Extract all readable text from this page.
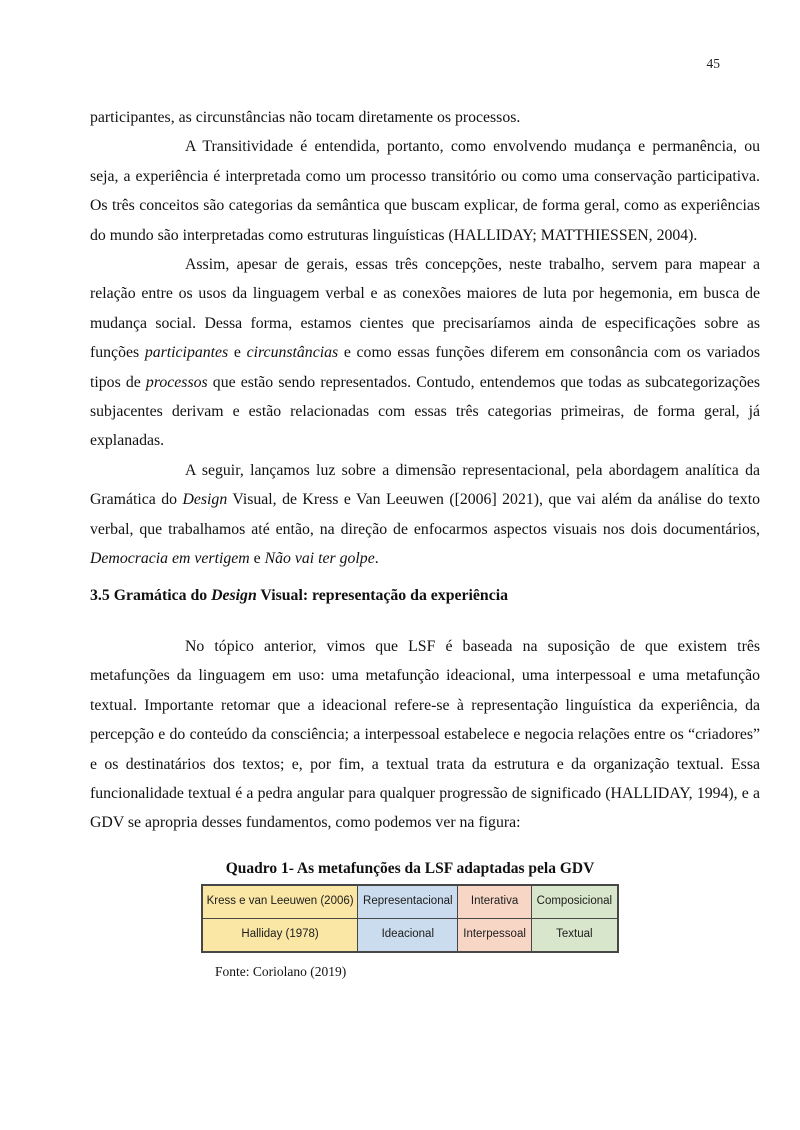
45

participantes, as circunstâncias não tocam diretamente os processos.

A Transitividade é entendida, portanto, como envolvendo mudança e permanência, ou seja, a experiência é interpretada como um processo transitório ou como uma conservação participativa. Os três conceitos são categorias da semântica que buscam explicar, de forma geral, como as experiências do mundo são interpretadas como estruturas linguísticas (HALLIDAY; MATTHIESSEN, 2004).

Assim, apesar de gerais, essas três concepções, neste trabalho, servem para mapear a relação entre os usos da linguagem verbal e as conexões maiores de luta por hegemonia, em busca de mudança social. Dessa forma, estamos cientes que precisaríamos ainda de especificações sobre as funções participantes e circunstâncias e como essas funções diferem em consonância com os variados tipos de processos que estão sendo representados. Contudo, entendemos que todas as subcategorizações subjacentes derivam e estão relacionadas com essas três categorias primeiras, de forma geral, já explanadas.

A seguir, lançamos luz sobre a dimensão representacional, pela abordagem analítica da Gramática do Design Visual, de Kress e Van Leeuwen ([2006] 2021), que vai além da análise do texto verbal, que trabalhamos até então, na direção de enfocarmos aspectos visuais nos dois documentários, Democracia em vertigem e Não vai ter golpe.

3.5 Gramática do Design Visual: representação da experiência

No tópico anterior, vimos que LSF é baseada na suposição de que existem três metafunções da linguagem em uso: uma metafunção ideacional, uma interpessoal e uma metafunção textual. Importante retomar que a ideacional refere-se à representação linguística da experiência, da percepção e do conteúdo da consciência; a interpessoal estabelece e negocia relações entre os “criadores” e os destinatários dos textos; e, por fim, a textual trata da estrutura e da organização textual. Essa funcionalidade textual é a pedra angular para qualquer progressão de significado (HALLIDAY, 1994), e a GDV se apropria desses fundamentos, como podemos ver na figura:

Quadro 1- As metafunções da LSF adaptadas pela GDV
Kress e van Leeuwen (2006)	Representacional	Interativa	Composicional
Halliday (1978)	Ideacional	Interpessoal	Textual
Fonte: Coriolano (2019)
